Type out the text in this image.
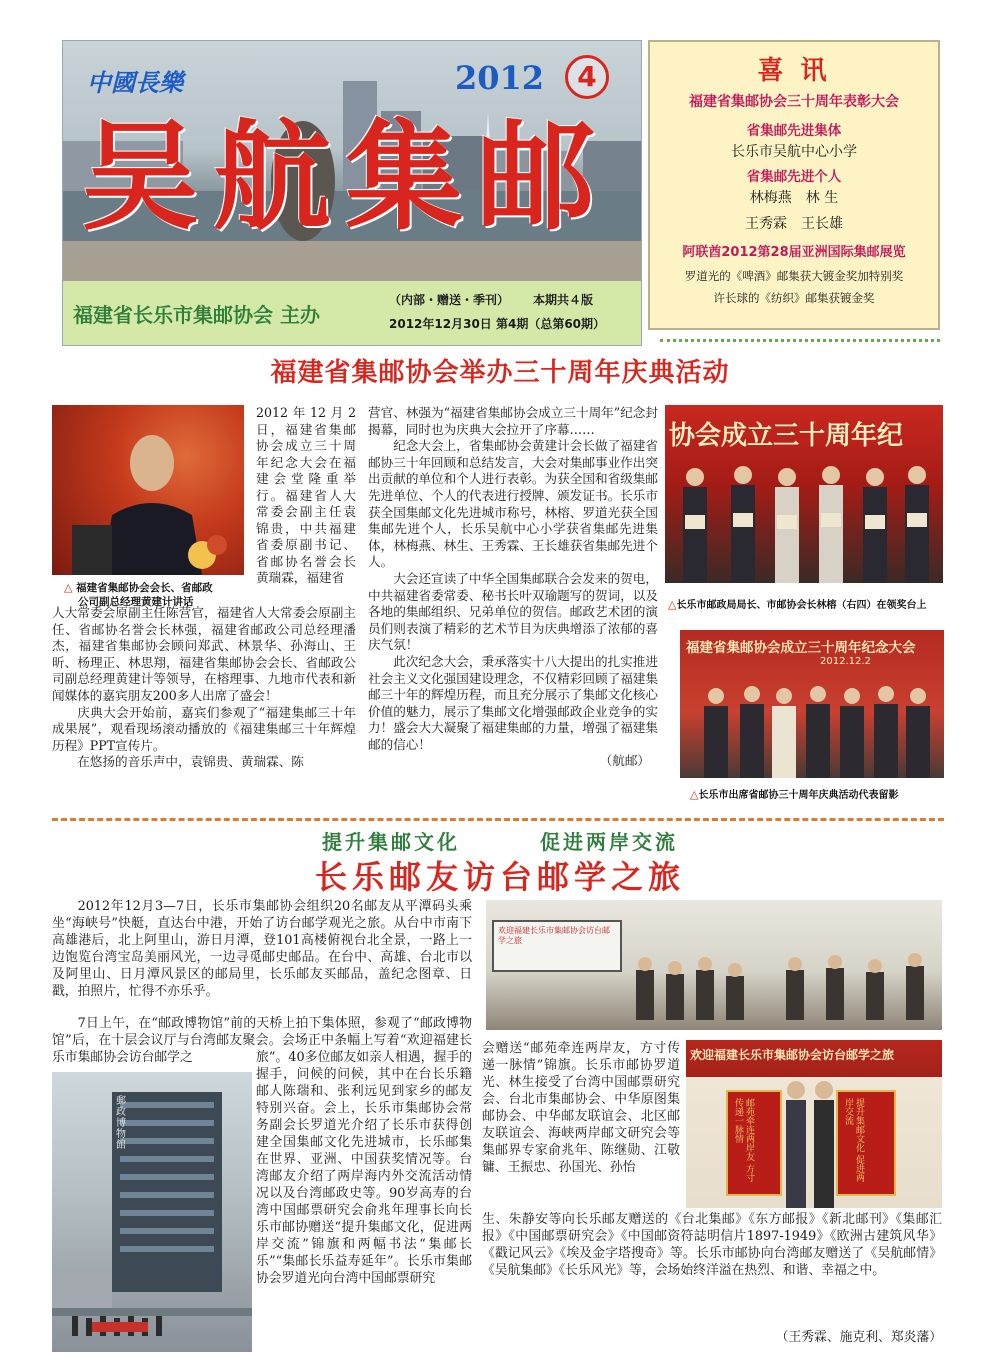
中國長樂	2012	4
吴航集邮
福建省长乐市集邮协会 主办
（内部・赠送・季刊） 本期共４版
2012年12月30日 第4期（总第60期）
喜 讯
福建省集邮协会三十周年表彰大会
省集邮先进集体
长乐市吴航中心小学
省集邮先进个人
林梅燕　林 生
王秀霖　王长雄
阿联酋2012第28届亚洲国际集邮展览
罗道光的《啤酒》邮集获大镀金奖加特别奖
许长球的《纺织》邮集获镀金奖
福建省集邮协会举办三十周年庆典活动
△ 福建省集邮协会会长、省邮政
公司副总经理黄建计讲话
2012年12月2日，福建省集邮协会成立三十周年纪念大会在福建会堂隆重举行。福建省人大常委会副主任袁锦贵，中共福建省委原副书记、省邮协名誉会长黄瑞霖，福建省

人大常委会原副主任陈营官，福建省人大常委会原副主任、省邮协名誉会长林强，福建省邮政公司总经理潘杰，福建省集邮协会顾问郑武、林景华、孙海山、王昕、杨理正、林思翔，福建省集邮协会会长、省邮政公司副总经理黄建计等领导，在榕理事、九地市代表和新闻媒体的嘉宾朋友200多人出席了盛会！

庆典大会开始前，嘉宾们参观了“福建集邮三十年成果展”，观看现场滚动播放的《福建集邮三十年辉煌历程》PPT宣传片。

在悠扬的音乐声中，袁锦贵、黄瑞霖、陈

营官、林强为“福建省集邮协会成立三十周年”纪念封揭幕，同时也为庆典大会拉开了序幕……

纪念大会上，省集邮协会黄建计会长做了福建省邮协三十年回顾和总结发言，大会对集邮事业作出突出贡献的单位和个人进行表彰。为获全国和省级集邮先进单位、个人的代表进行授牌、颁发证书。长乐市获全国集邮文化先进城市称号，林榕、罗道光获全国集邮先进个人，长乐吴航中心小学获省集邮先进集体，林梅燕、林生、王秀霖、王长雄获省集邮先进个人。

大会还宣读了中华全国集邮联合会发来的贺电，中共福建省委常委、秘书长叶双瑜题写的贺词，以及各地的集邮组织、兄弟单位的贺信。邮政艺术团的演员们则表演了精彩的艺术节目为庆典增添了浓郁的喜庆气氛！

此次纪念大会，秉承落实十八大提出的扎实推进社会主义文化强国建设理念，不仅精彩回顾了福建集邮三十年的辉煌历程，而且充分展示了集邮文化核心价值的魅力，展示了集邮文化增强邮政企业竞争的实力！盛会大大凝聚了福建集邮的力量，增强了福建集邮的信心！

（航邮）

协会成立三十周年纪
△长乐市邮政局局长、市邮协会长林榕（右四）在领奖台上
福建省集邮协会成立三十周年纪念大会
2012.12.2
△长乐市出席省邮协三十周年庆典活动代表留影
提升集邮文化	促进两岸交流
长乐邮友访台邮学之旅
2012年12月3—7日，长乐市集邮协会组织20名邮友从平潭码头乘坐“海峡号”快艇，直达台中港，开始了访台邮学观光之旅。从台中市南下高雄港后，北上阿里山，游日月潭，登101高楼俯视台北全景，一路上一边饱览台湾宝岛美丽风光，一边寻觅邮史邮品。在台中、高雄、台北市以及阿里山、日月潭风景区的邮局里，长乐邮友买邮品，盖纪念图章、日戳，拍照片，忙得不亦乐乎。
7日上午，在“邮政博物馆”前的天桥上拍下集体照，参观了“邮政博物馆”后，在十层会议厅与台湾邮友聚会。会场正中条幅上写着“欢迎福建长乐市集邮协会访台邮学之
郵政博物館
旅”。40多位邮友如亲人相遇，握手的握手，问候的问候，其中在台长乐籍邮人陈瑞和、张利远见到家乡的邮友特别兴奋。会上，长乐市集邮协会常务副会长罗道光介绍了长乐市获得创建全国集邮文化先进城市，长乐邮集在世界、亚洲、中国获奖情况等。台湾邮友介绍了两岸海内外交流活动情况以及台湾邮政史等。90岁高寿的台湾中国邮票研究会俞兆年理事长向长乐市邮协赠送“提升集邮文化，促进两岸交流”锦旗和两幅书法“集邮长乐”“集邮长乐益寿延年”。长乐市集邮协会罗道光向台湾中国邮票研究
欢迎福建长乐市集邮协会访台邮学之旅
会赠送“邮苑牵连两岸友，方寸传递一脉情”锦旗。长乐市邮协罗道光、林生接受了台湾中国邮票研究会、台北市集邮协会、中华原图集邮协会、中华邮友联谊会、北区邮友联谊会、海峡两岸邮文研究会等集邮界专家俞兆年、陈继勋、江敬镛、王振忠、孙国光、孙怡
欢迎福建长乐市集邮协会访台邮学之旅
邮苑牵连两岸友 方寸传递一脉情	提升集邮文化 促进两岸交流
生、朱静安等向长乐邮友赠送的《台北集邮》《东方邮报》《新北邮刊》《集邮汇报》《中国邮票研究会》《中国邮资符誌明信片1897-1949》《欧洲古建筑风华》《戳记风云》《埃及金字塔搜奇》等。长乐市邮协向台湾邮友赠送了《吴航邮情》《吴航集邮》《长乐风光》等，会场始终洋溢在热烈、和谐、幸福之中。
（王秀霖、施克利、郑炎藩）
